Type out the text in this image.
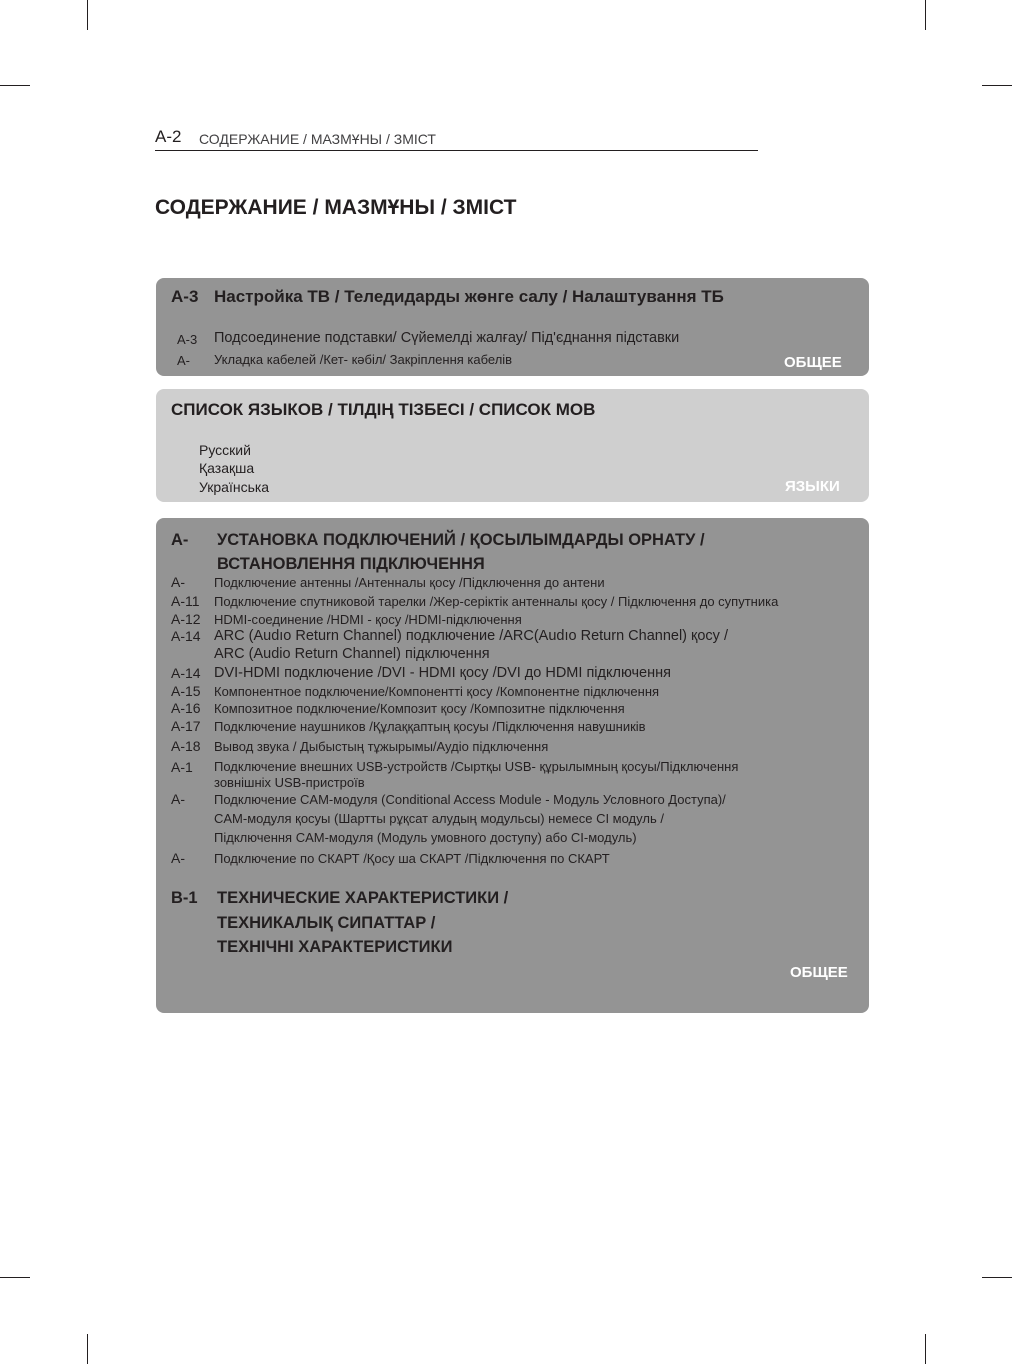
A-2 СОДЕРЖАНИЕ / МАЗМҰНЫ / ЗМІСТ
СОДЕРЖАНИЕ / МАЗМҰНЫ / ЗМІСТ
A-3 Настройка ТВ / Теледидарды жөнге салу / Налаштування ТБ
A-3 Подсоединение подставки/ Сүйемелді жалғау/ Під'єднання підставки
A- Укладка кабелей /Кет- кәбіл/ Закріплення кабелів	ОБЩЕЕ
СПИСОК ЯЗЫКОВ / ТІЛДІҢ ТІЗБЕСІ / СПИСОК МОВ
Русский
Қазақша
Українська	ЯЗЫКИ
A- УСТАНОВКА ПОДКЛЮЧЕНИЙ / ҚОСЫЛЫМДАРДЫ ОРНАТУ /
ВСТАНОВЛЕННЯ ПІДКЛЮЧЕННЯ
A- Подключение антенны /Антенналы қосу /Підключення до антени
A-11 Подключение спутниковой тарелки /Жер-серіктік антенналы қосу / Підключення до супутника
A-12 HDMI-соединение /HDMI - қосу /HDMI-підключення
A-14 ARC (Audıo Return Channel) подключение /ARC(Audıo Return Channel) қосу /
ARC (Audio Return Channel) підключення
A-14 DVI-HDMI подключение /DVI - HDMI қосу /DVI до HDMI підключення
A-15 Компонентное подключение/Компоненттi қосу /Компонентне підключення
A-16 Композитное подключение/Композит қосу /Композитне підключення
A-17 Подключение наушников /Құлаққаптың қосуы /Підключення навушників
A-18 Вывод звука / Дыбыстың тұжырымы/Аудіо підключення
A-1 Подключение внешних USB-устройств /Сыртқы USB- құрылымның қосуы/Підключення
зовнішніх USB-пристроїв
A- Подключение CAM-модуля (Conditional Access Module - Модуль Условного Доступа)/
CAM-модуля қосуы (Шартты рұқсат алудың модульсы) немесе CI модуль /
Підключення CAM-модуля (Модуль умовного доступу) або CI-модуль)
A- Подключение по СКАРТ /Қосу ша СКАРТ /Підключення по СКАРТ
B-1 ТЕХНИЧЕСКИЕ ХАРАКТЕРИСТИКИ /
ТЕХНИКАЛЫҚ СИПАТТАР /
ТЕХНІЧНІ ХАРАКТЕРИСТИКИ
ОБЩЕЕ
